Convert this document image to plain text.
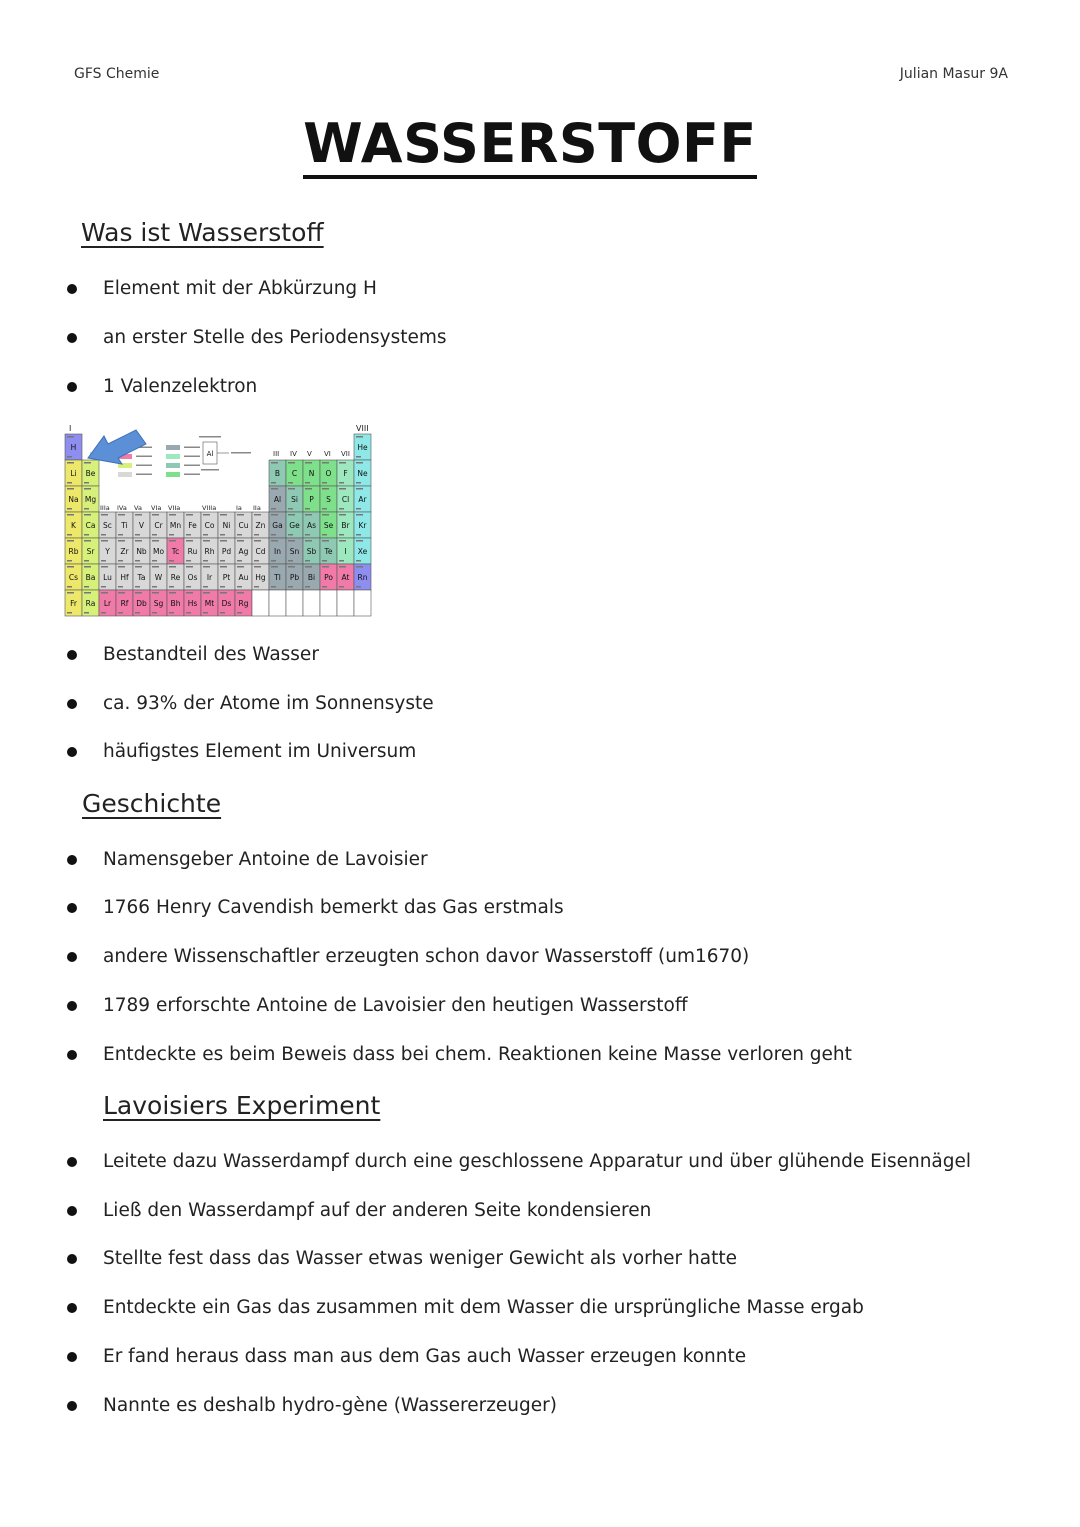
GFS Chemie	Julian Masur 9A
WASSERSTOFF
Was ist Wasserstoff
Element mit der Abkürzung H
an erster Stelle des Periodensystems
1 Valenzelektron
I	VIII
III IV V VI VII
IIIa IVa Va VIa VIIa	VIIIa	Ia IIa
H	He
Li Be	B C N O F Ne
Na Mg	Al Si P S Cl Ar
K Ca Sc Ti V Cr Mn Fe Co Ni Cu Zn Ga Ge As Se Br Kr
Rb Sr Y Zr Nb Mo Tc Ru Rh Pd Ag Cd In Sn Sb Te I Xe
Cs Ba Lu Hf Ta W Re Os Ir Pt Au Hg Tl Pb Bi Po At Rn
Fr Ra Lr Rf Db Sg Bh Hs Mt Ds Rg
Al
Bestandteil des Wasser
ca. 93% der Atome im Sonnensyste
häufigstes Element im Universum
Geschichte
Namensgeber Antoine de Lavoisier
1766 Henry Cavendish bemerkt das Gas erstmals
andere Wissenschaftler erzeugten schon davor Wasserstoff (um1670)
1789 erforschte Antoine de Lavoisier den heutigen Wasserstoff
Entdeckte es beim Beweis dass bei chem. Reaktionen keine Masse verloren geht
Lavoisiers Experiment
Leitete dazu Wasserdampf durch eine geschlossene Apparatur und über glühende Eisennägel
Ließ den Wasserdampf auf der anderen Seite kondensieren
Stellte fest dass das Wasser etwas weniger Gewicht als vorher hatte
Entdeckte ein Gas das zusammen mit dem Wasser die ursprüngliche Masse ergab
Er fand heraus dass man aus dem Gas auch Wasser erzeugen konnte
Nannte es deshalb hydro-gène (Wassererzeuger)
